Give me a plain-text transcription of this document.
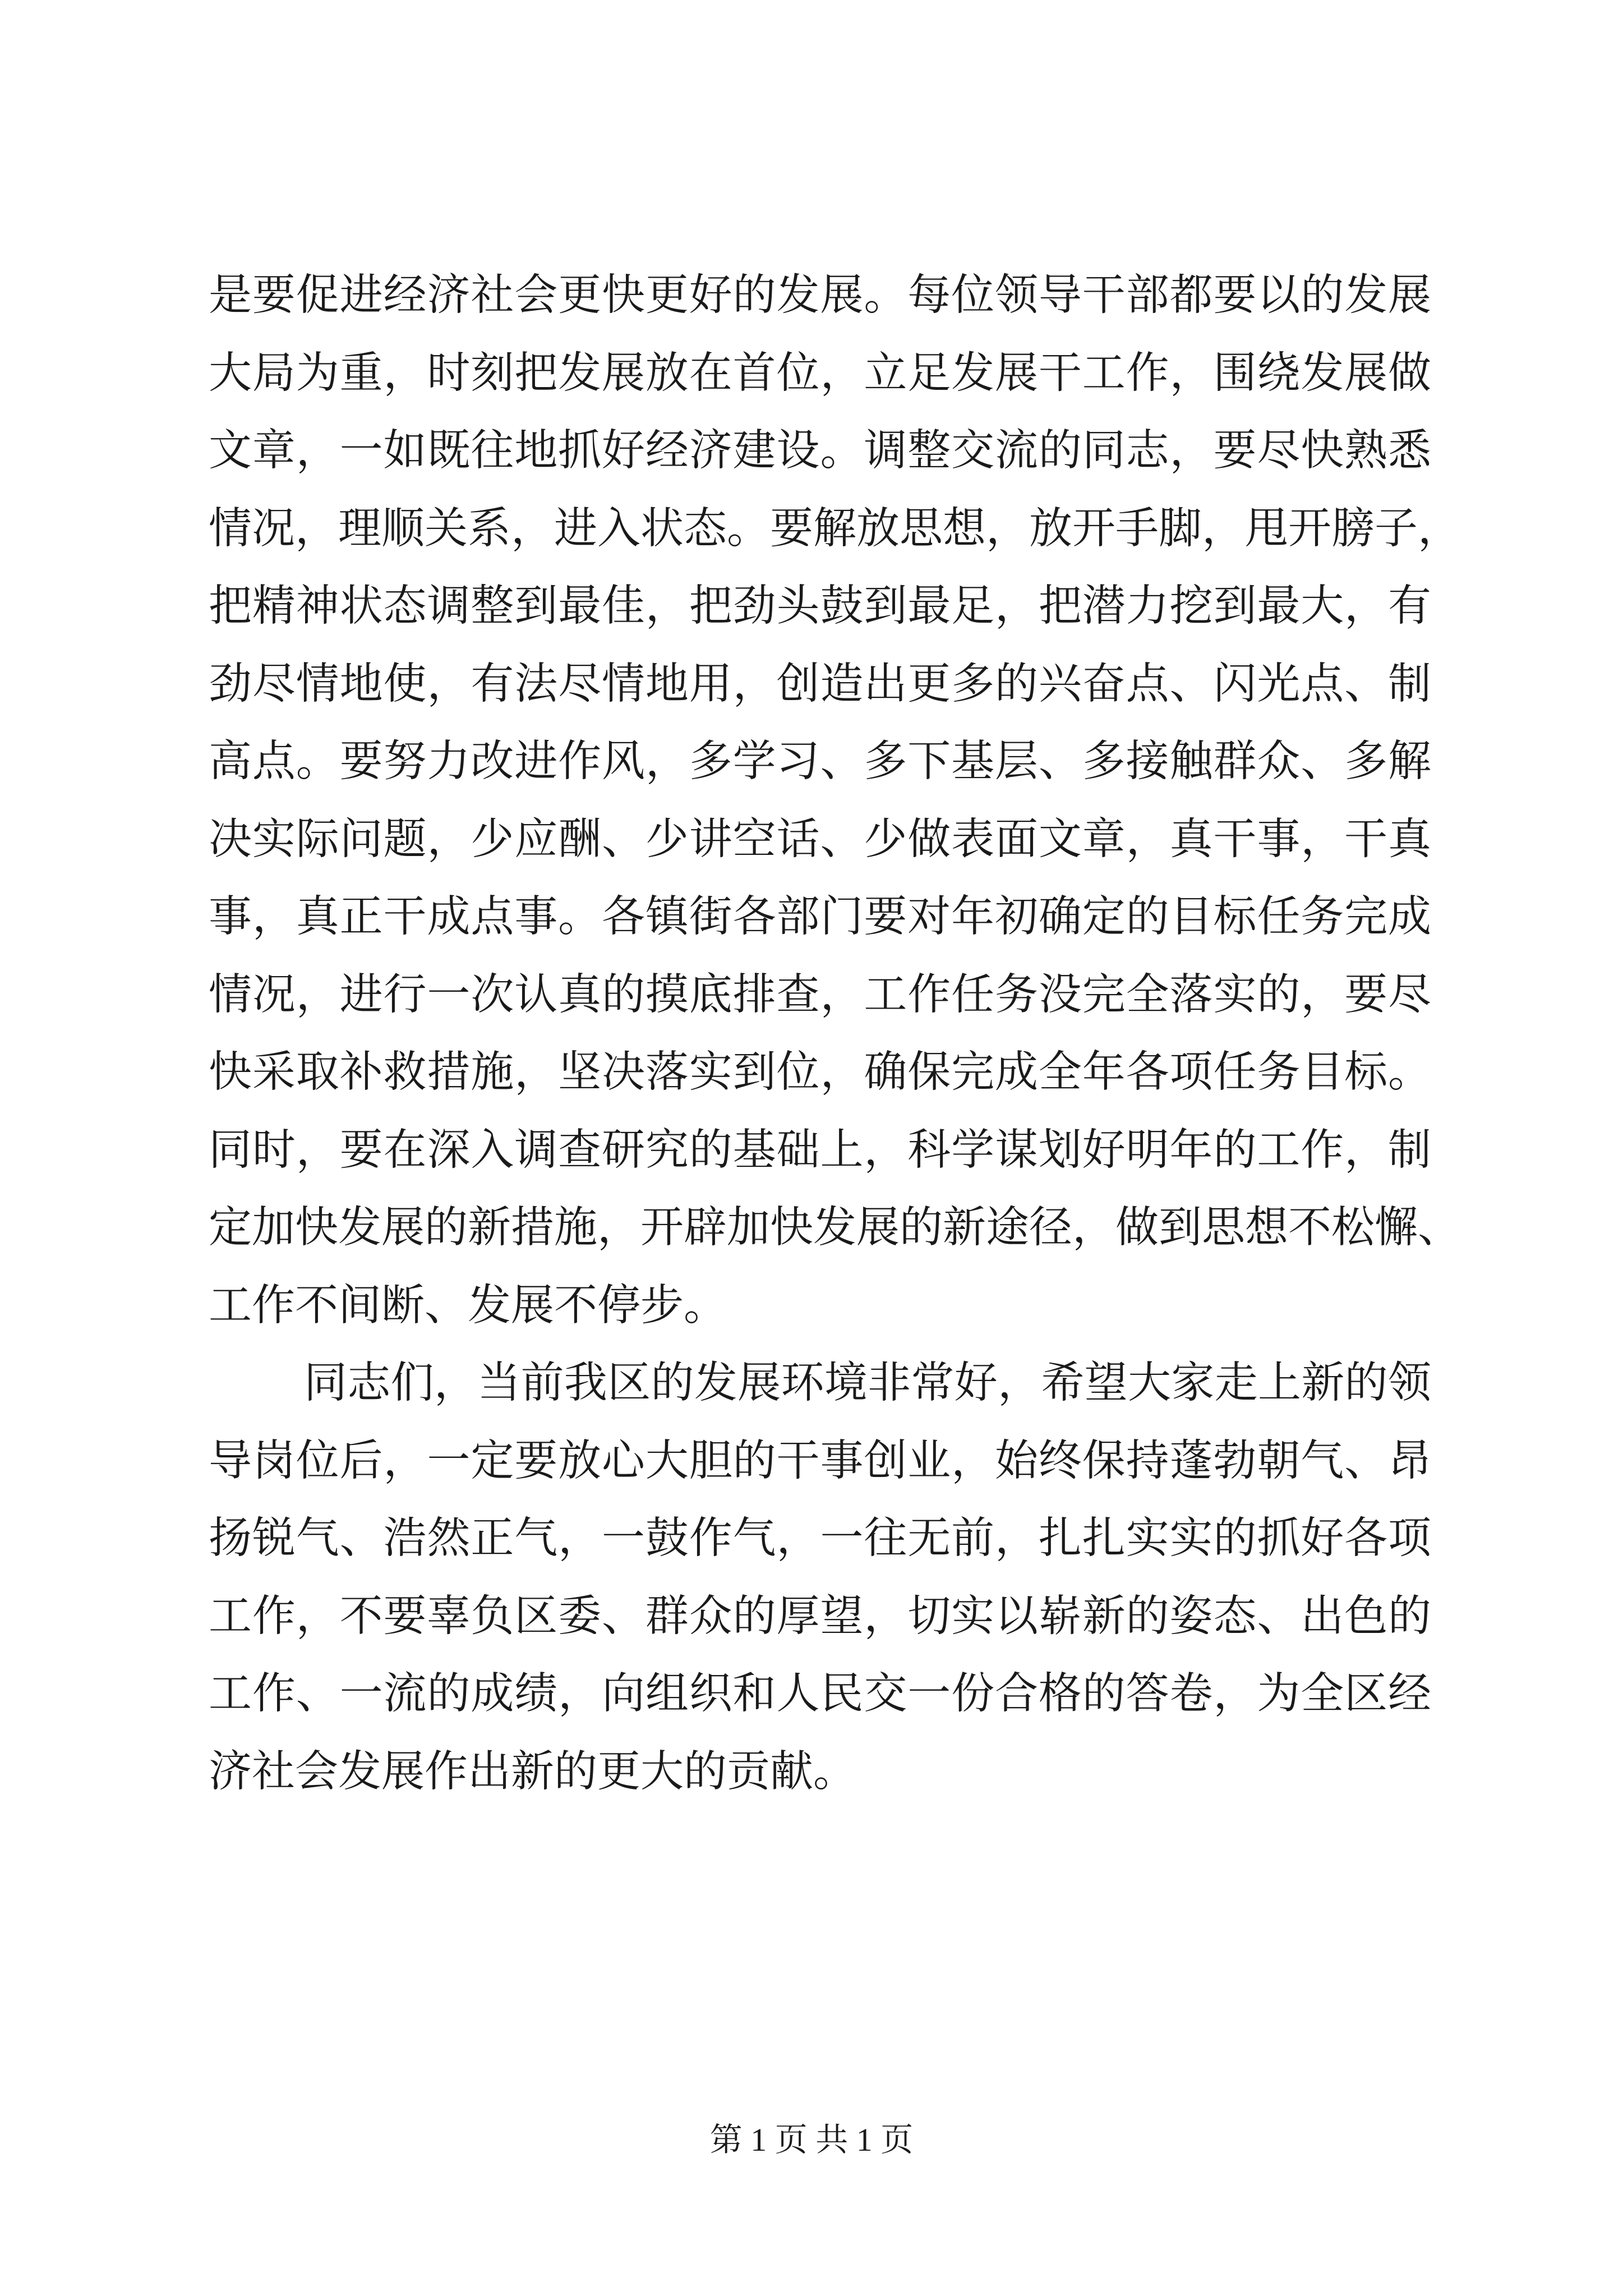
是要促进经济社会更快更好的发展。每位领导干部都要以的发展
大局为重，时刻把发展放在首位，立足发展干工作，围绕发展做
文章，一如既往地抓好经济建设。调整交流的同志，要尽快熟悉
情况，理顺关系，进入状态。要解放思想，放开手脚，甩开膀子，
把精神状态调整到最佳，把劲头鼓到最足，把潜力挖到最大，有
劲尽情地使，有法尽情地用，创造出更多的兴奋点、闪光点、制
高点。要努力改进作风，多学习、多下基层、多接触群众、多解
决实际问题，少应酬、少讲空话、少做表面文章，真干事，干真
事，真正干成点事。各镇街各部门要对年初确定的目标任务完成
情况，进行一次认真的摸底排查，工作任务没完全落实的，要尽
快采取补救措施，坚决落实到位，确保完成全年各项任务目标。
同时，要在深入调查研究的基础上，科学谋划好明年的工作，制
定加快发展的新措施，开辟加快发展的新途径，做到思想不松懈、
工作不间断、发展不停步。
同志们，当前我区的发展环境非常好，希望大家走上新的领
导岗位后，一定要放心大胆的干事创业，始终保持蓬勃朝气、昂
扬锐气、浩然正气，一鼓作气，一往无前，扎扎实实的抓好各项
工作，不要辜负区委、群众的厚望，切实以崭新的姿态、出色的
工作、一流的成绩，向组织和人民交一份合格的答卷，为全区经
济社会发展作出新的更大的贡献。
第 1 页 共 1 页
